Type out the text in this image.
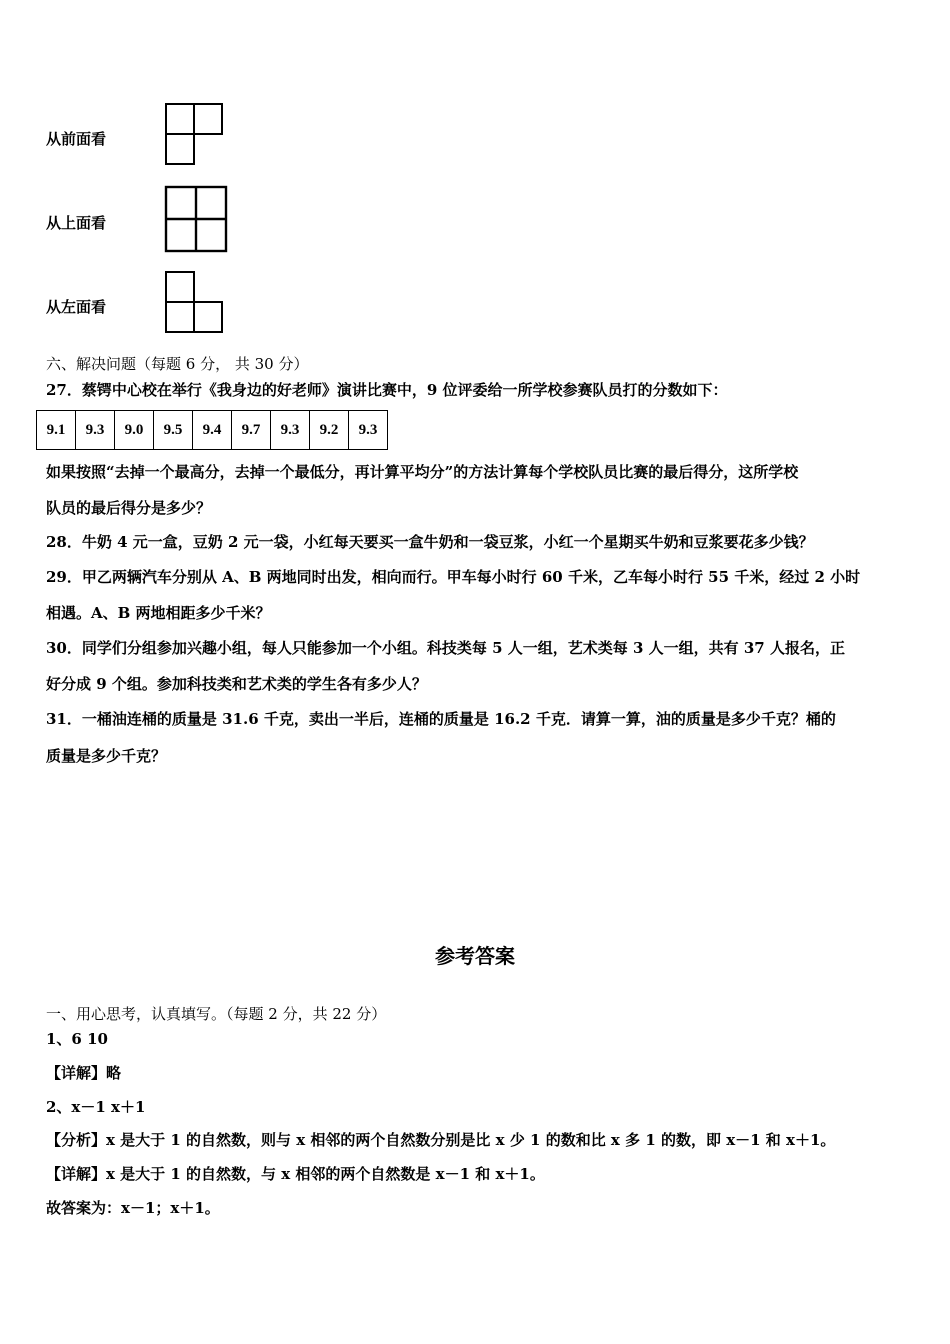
从前面看
从上面看
从左面看
六、解决问题（每题 6 分， 共 30 分）
27．蔡锷中心校在举行《我身边的好老师》演讲比赛中，9 位评委给一所学校参赛队员打的分数如下：
9.1	9.3	9.0	9.5	9.4	9.7	9.3	9.2	9.3
如果按照“去掉一个最高分，去掉一个最低分，再计算平均分”的方法计算每个学校队员比赛的最后得分，这所学校
队员的最后得分是多少？
28．牛奶 4 元一盒，豆奶 2 元一袋，小红每天要买一盒牛奶和一袋豆浆，小红一个星期买牛奶和豆浆要花多少钱？
29．甲乙两辆汽车分别从 A、B 两地同时出发，相向而行。甲车每小时行 60 千米，乙车每小时行 55 千米，经过 2 小时
相遇。A、B 两地相距多少千米？
30．同学们分组参加兴趣小组，每人只能参加一个小组。科技类每 5 人一组，艺术类每 3 人一组，共有 37 人报名，正
好分成 9 个组。参加科技类和艺术类的学生各有多少人？
31．一桶油连桶的质量是 31.6 千克，卖出一半后，连桶的质量是 16.2 千克．请算一算，油的质量是多少千克？桶的
质量是多少千克？
参考答案
一、用心思考，认真填写。（每题 2 分，共 22 分）
1、6 10
【详解】略
2、x－1 x＋1
【分析】x 是大于 1 的自然数，则与 x 相邻的两个自然数分别是比 x 少 1 的数和比 x 多 1 的数，即 x－1 和 x＋1。
【详解】x 是大于 1 的自然数，与 x 相邻的两个自然数是 x－1 和 x＋1。
故答案为：x－1；x＋1。
